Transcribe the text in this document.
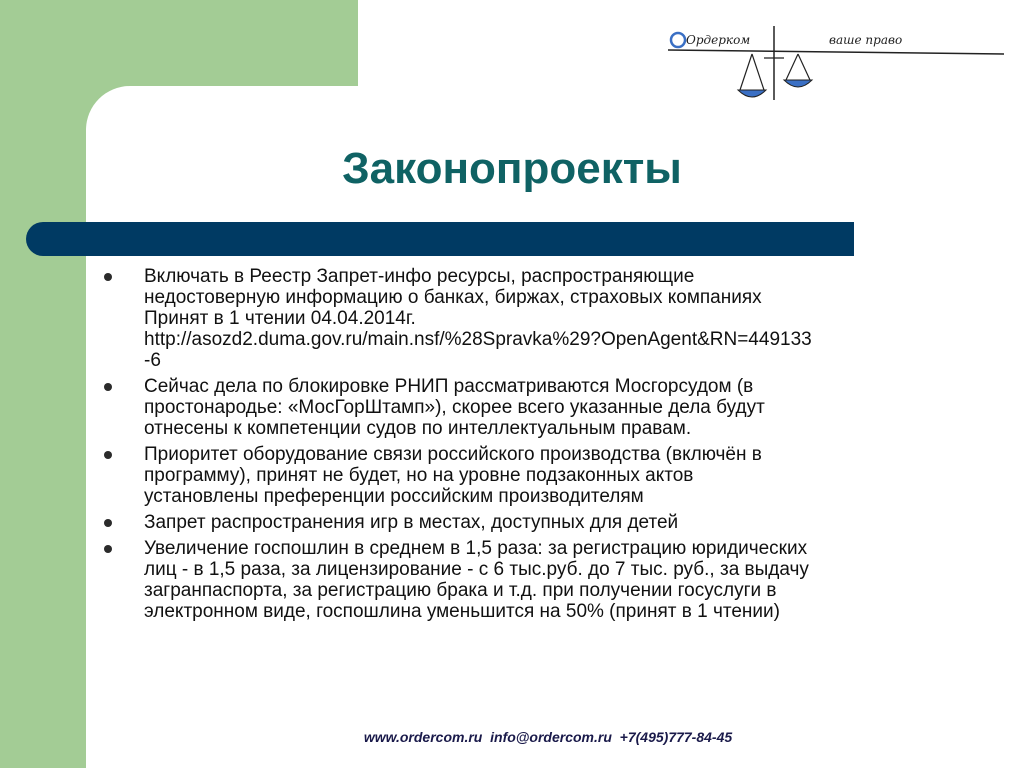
Ордерком	ваше право
Законопроекты
Включать в Реестр Запрет-инфо ресурсы, распространяющие
недостоверную информацию о банках, биржах, страховых компаниях
Принят в 1 чтении 04.04.2014г.
http://asozd2.duma.gov.ru/main.nsf/%28Spravka%29?OpenAgent&RN=449133
-6
Сейчас дела по блокировке РНИП рассматриваются Мосгорсудом (в
простонародье: «МосГорШтамп»), скорее всего указанные дела будут
отнесены к компетенции судов по интеллектуальным правам.
Приоритет оборудование связи российского производства (включён в
программу), принят не будет, но на уровне подзаконных актов
установлены преференции российским производителям
Запрет распространения игр в местах, доступных для детей
Увеличение госпошлин в среднем в 1,5 раза: за регистрацию юридических
лиц - в 1,5 раза, за лицензирование - с 6 тыс.руб. до 7 тыс. руб., за выдачу
загранпаспорта, за регистрацию брака и т.д. при получении госуслуги в
электронном виде, госпошлина уменьшится на 50% (принят в 1 чтении)
www.ordercom.ru  info@ordercom.ru  +7(495)777-84-45
